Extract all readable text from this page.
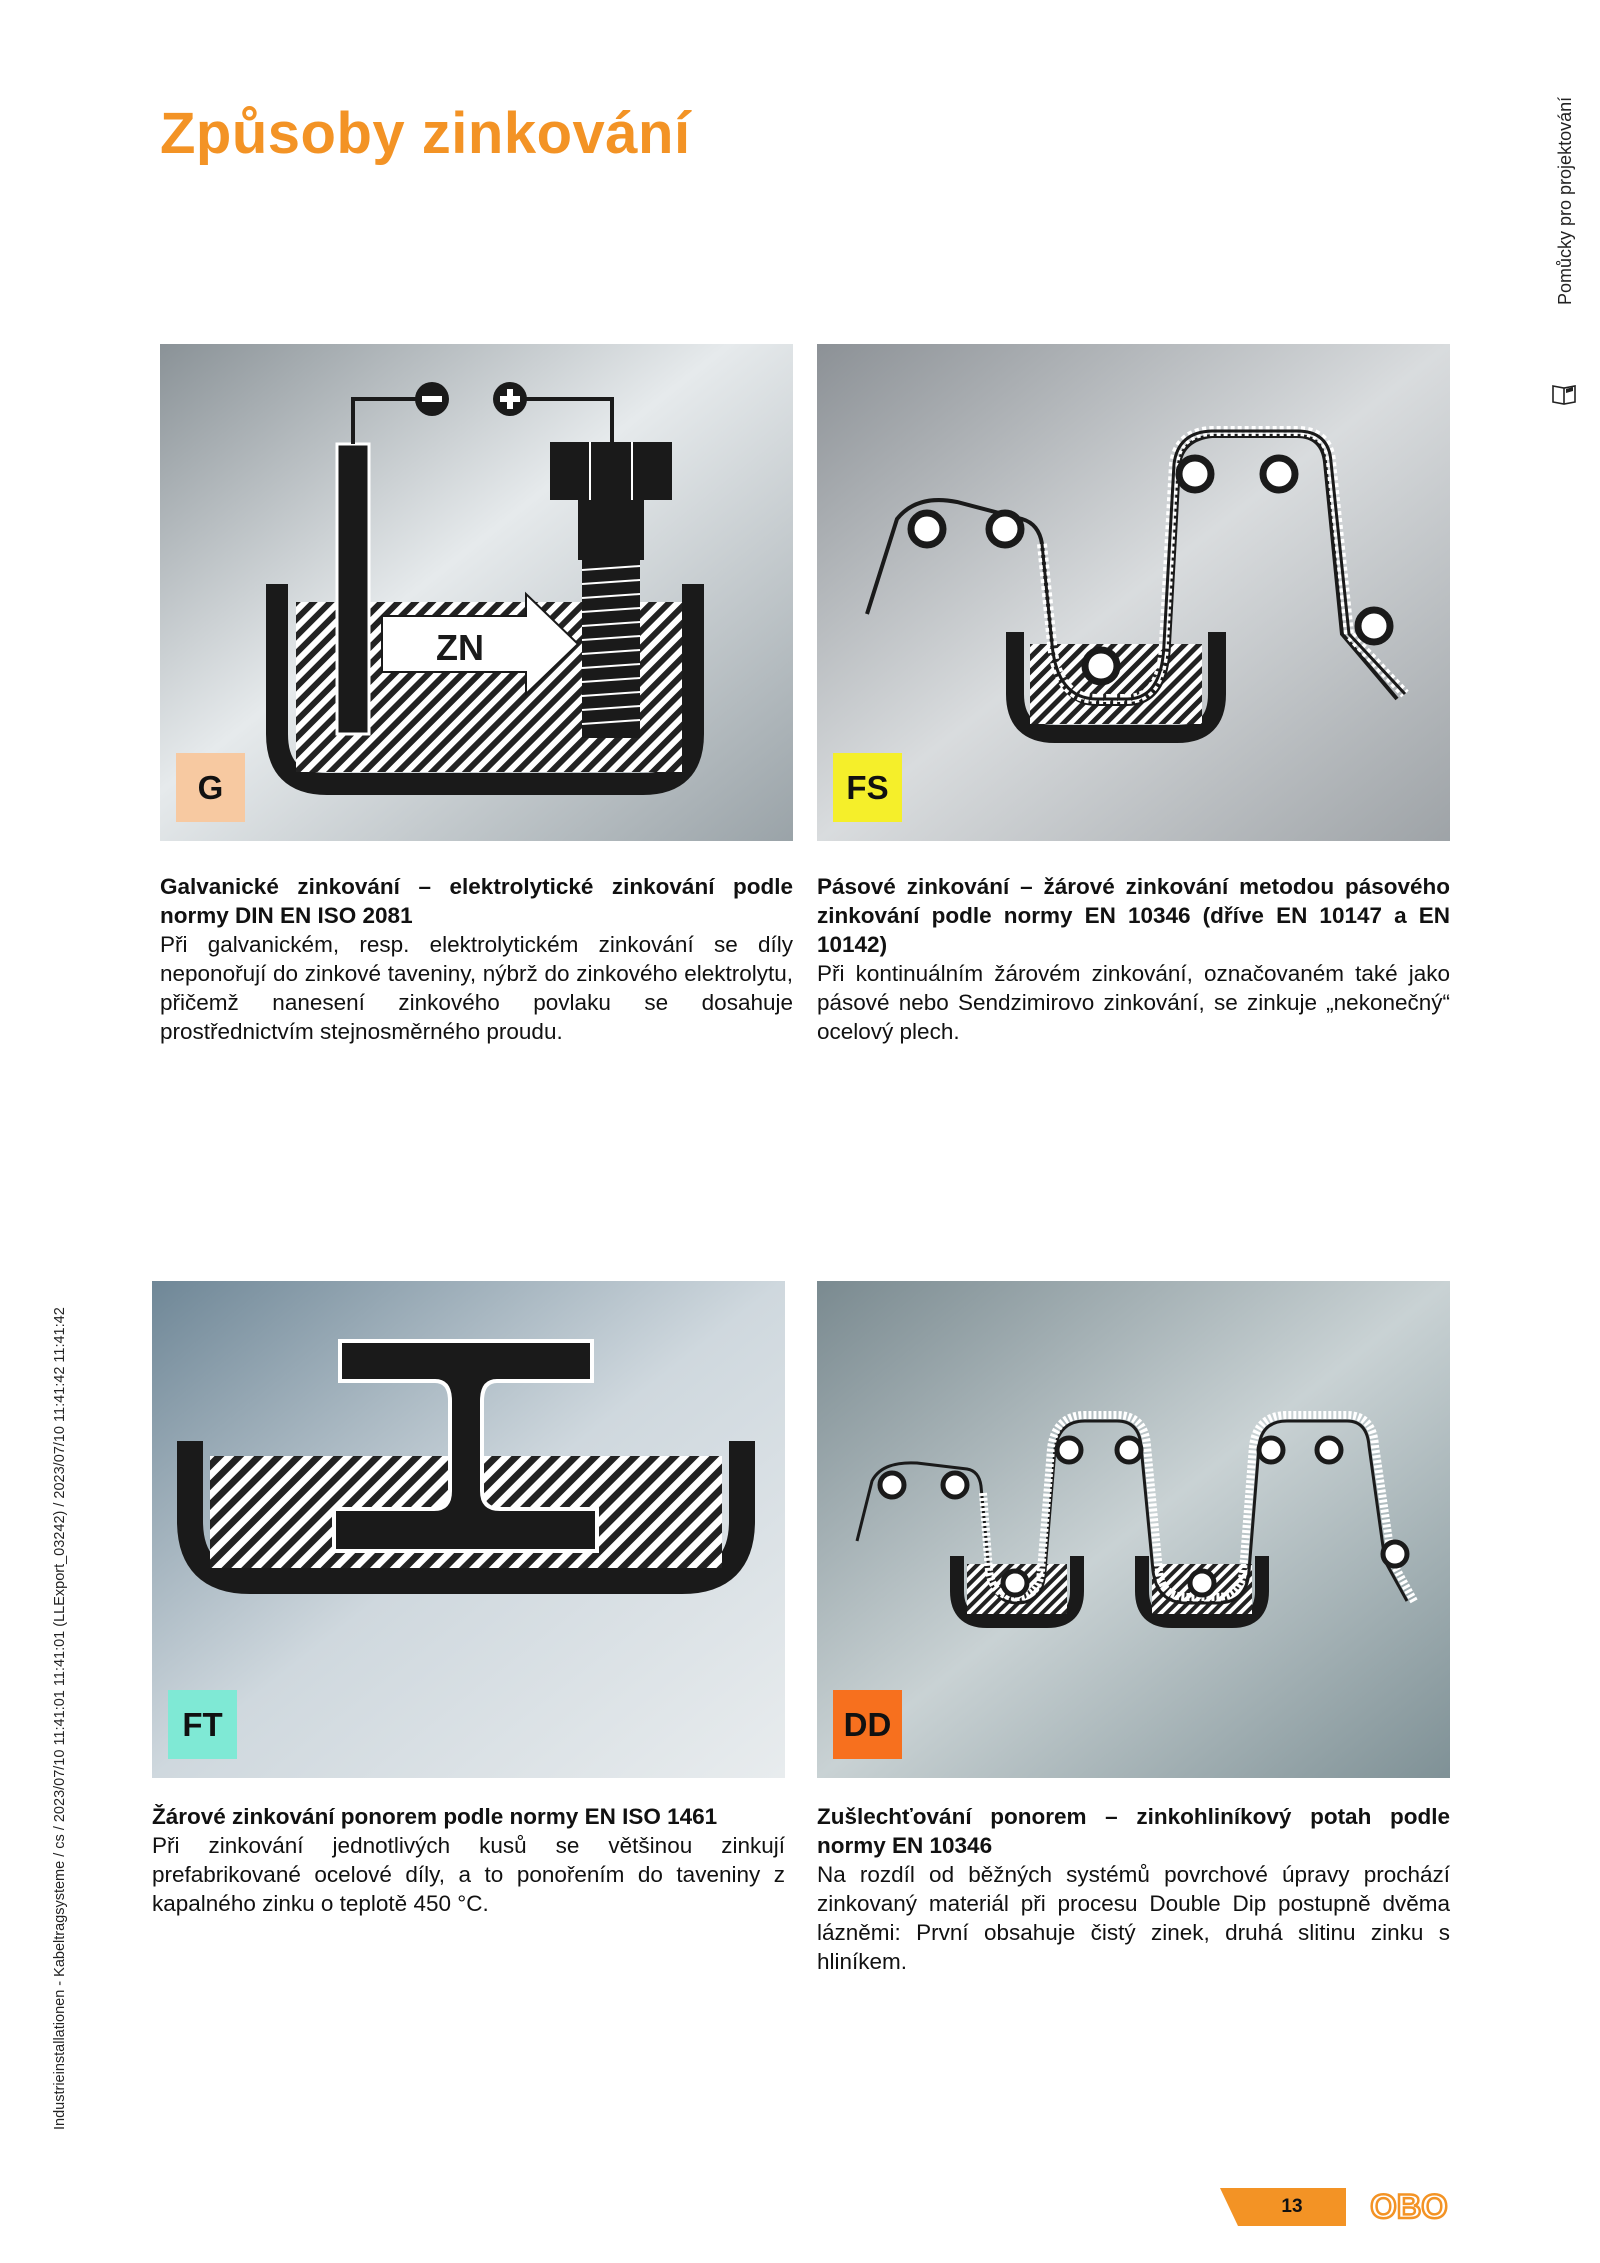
Způsoby zinkování	Pomůcky pro projektování
Industrieinstallationen - Kabeltragsysteme / cs / 2023/07/10 11:41:01 11:41:01 (LLExport_03242) / 2023/07/10 11:41:42 11:41:42
ZN
G	FS
FT	DD

Galvanické zinkování – elektrolytické zinkování podle normy DIN EN ISO 2081

Při galvanickém, resp. elektrolytickém zinkování se díly neponořují do zinkové taveniny, nýbrž do zinkového elektrolytu, přičemž nanesení zinkového povlaku se dosahuje prostřednictvím stejnosměrného proudu.

Pásové zinkování – žárové zinkování metodou pásového zinkování podle normy EN 10346 (dříve EN 10147 a EN 10142)

Při kontinuálním žárovém zinkování, označovaném také jako pásové nebo Sendzimirovo zinkování, se zinkuje „nekonečný“ ocelový plech.

Žárové zinkování ponorem podle normy EN ISO 1461

Při zinkování jednotlivých kusů se většinou zinkují prefabrikované ocelové díly, a to ponořením do taveniny z kapalného zinku o teplotě 450 °C.

Zušlechťování ponorem – zinkohliníkový potah podle normy EN 10346

Na rozdíl od běžných systémů povrchové úpravy prochází zinkovaný materiál při procesu Double Dip postupně dvěma lázněmi: První obsahuje čistý zinek, druhá slitinu zinku s hliníkem.

13	OBO
